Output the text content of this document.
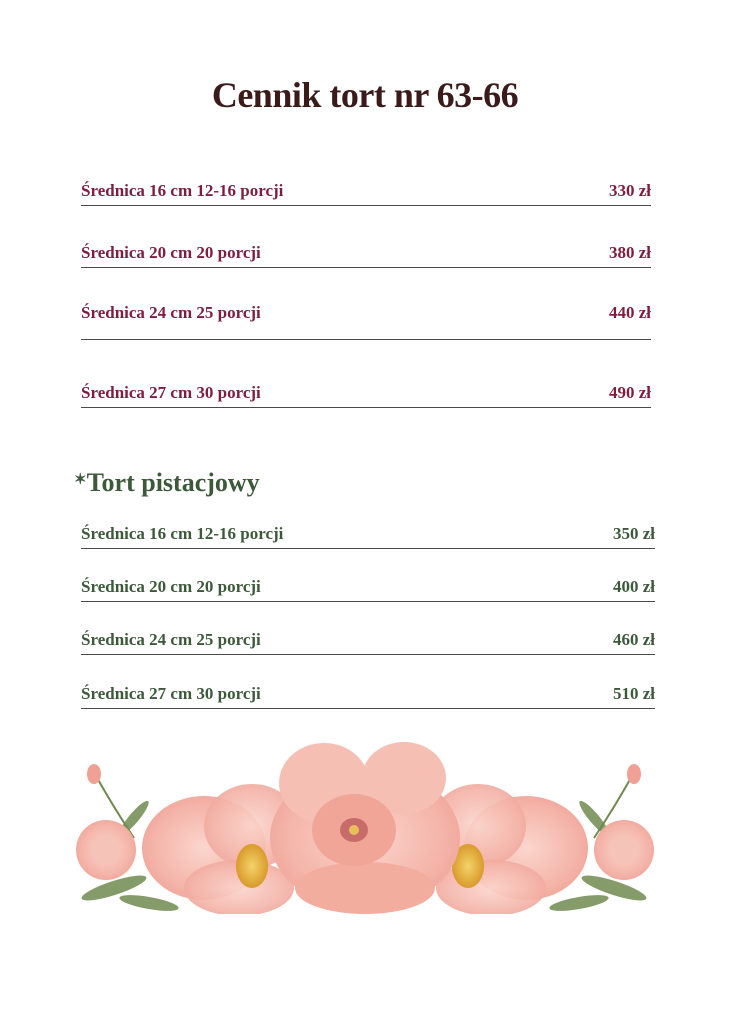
Cennik tort nr 63-66
Średnica 16 cm 12-16 porcji	330 zł
Średnica 20 cm 20 porcji	380 zł
Średnica 24 cm 25 porcji	440 zł
Średnica 27 cm 30 porcji	490 zł
✶Tort pistacjowy
Średnica 16 cm 12-16 porcji	350 zł
Średnica 20 cm 20 porcji	400 zł
Średnica 24 cm 25 porcji	460 zł
Średnica 27 cm 30 porcji	510 zł
